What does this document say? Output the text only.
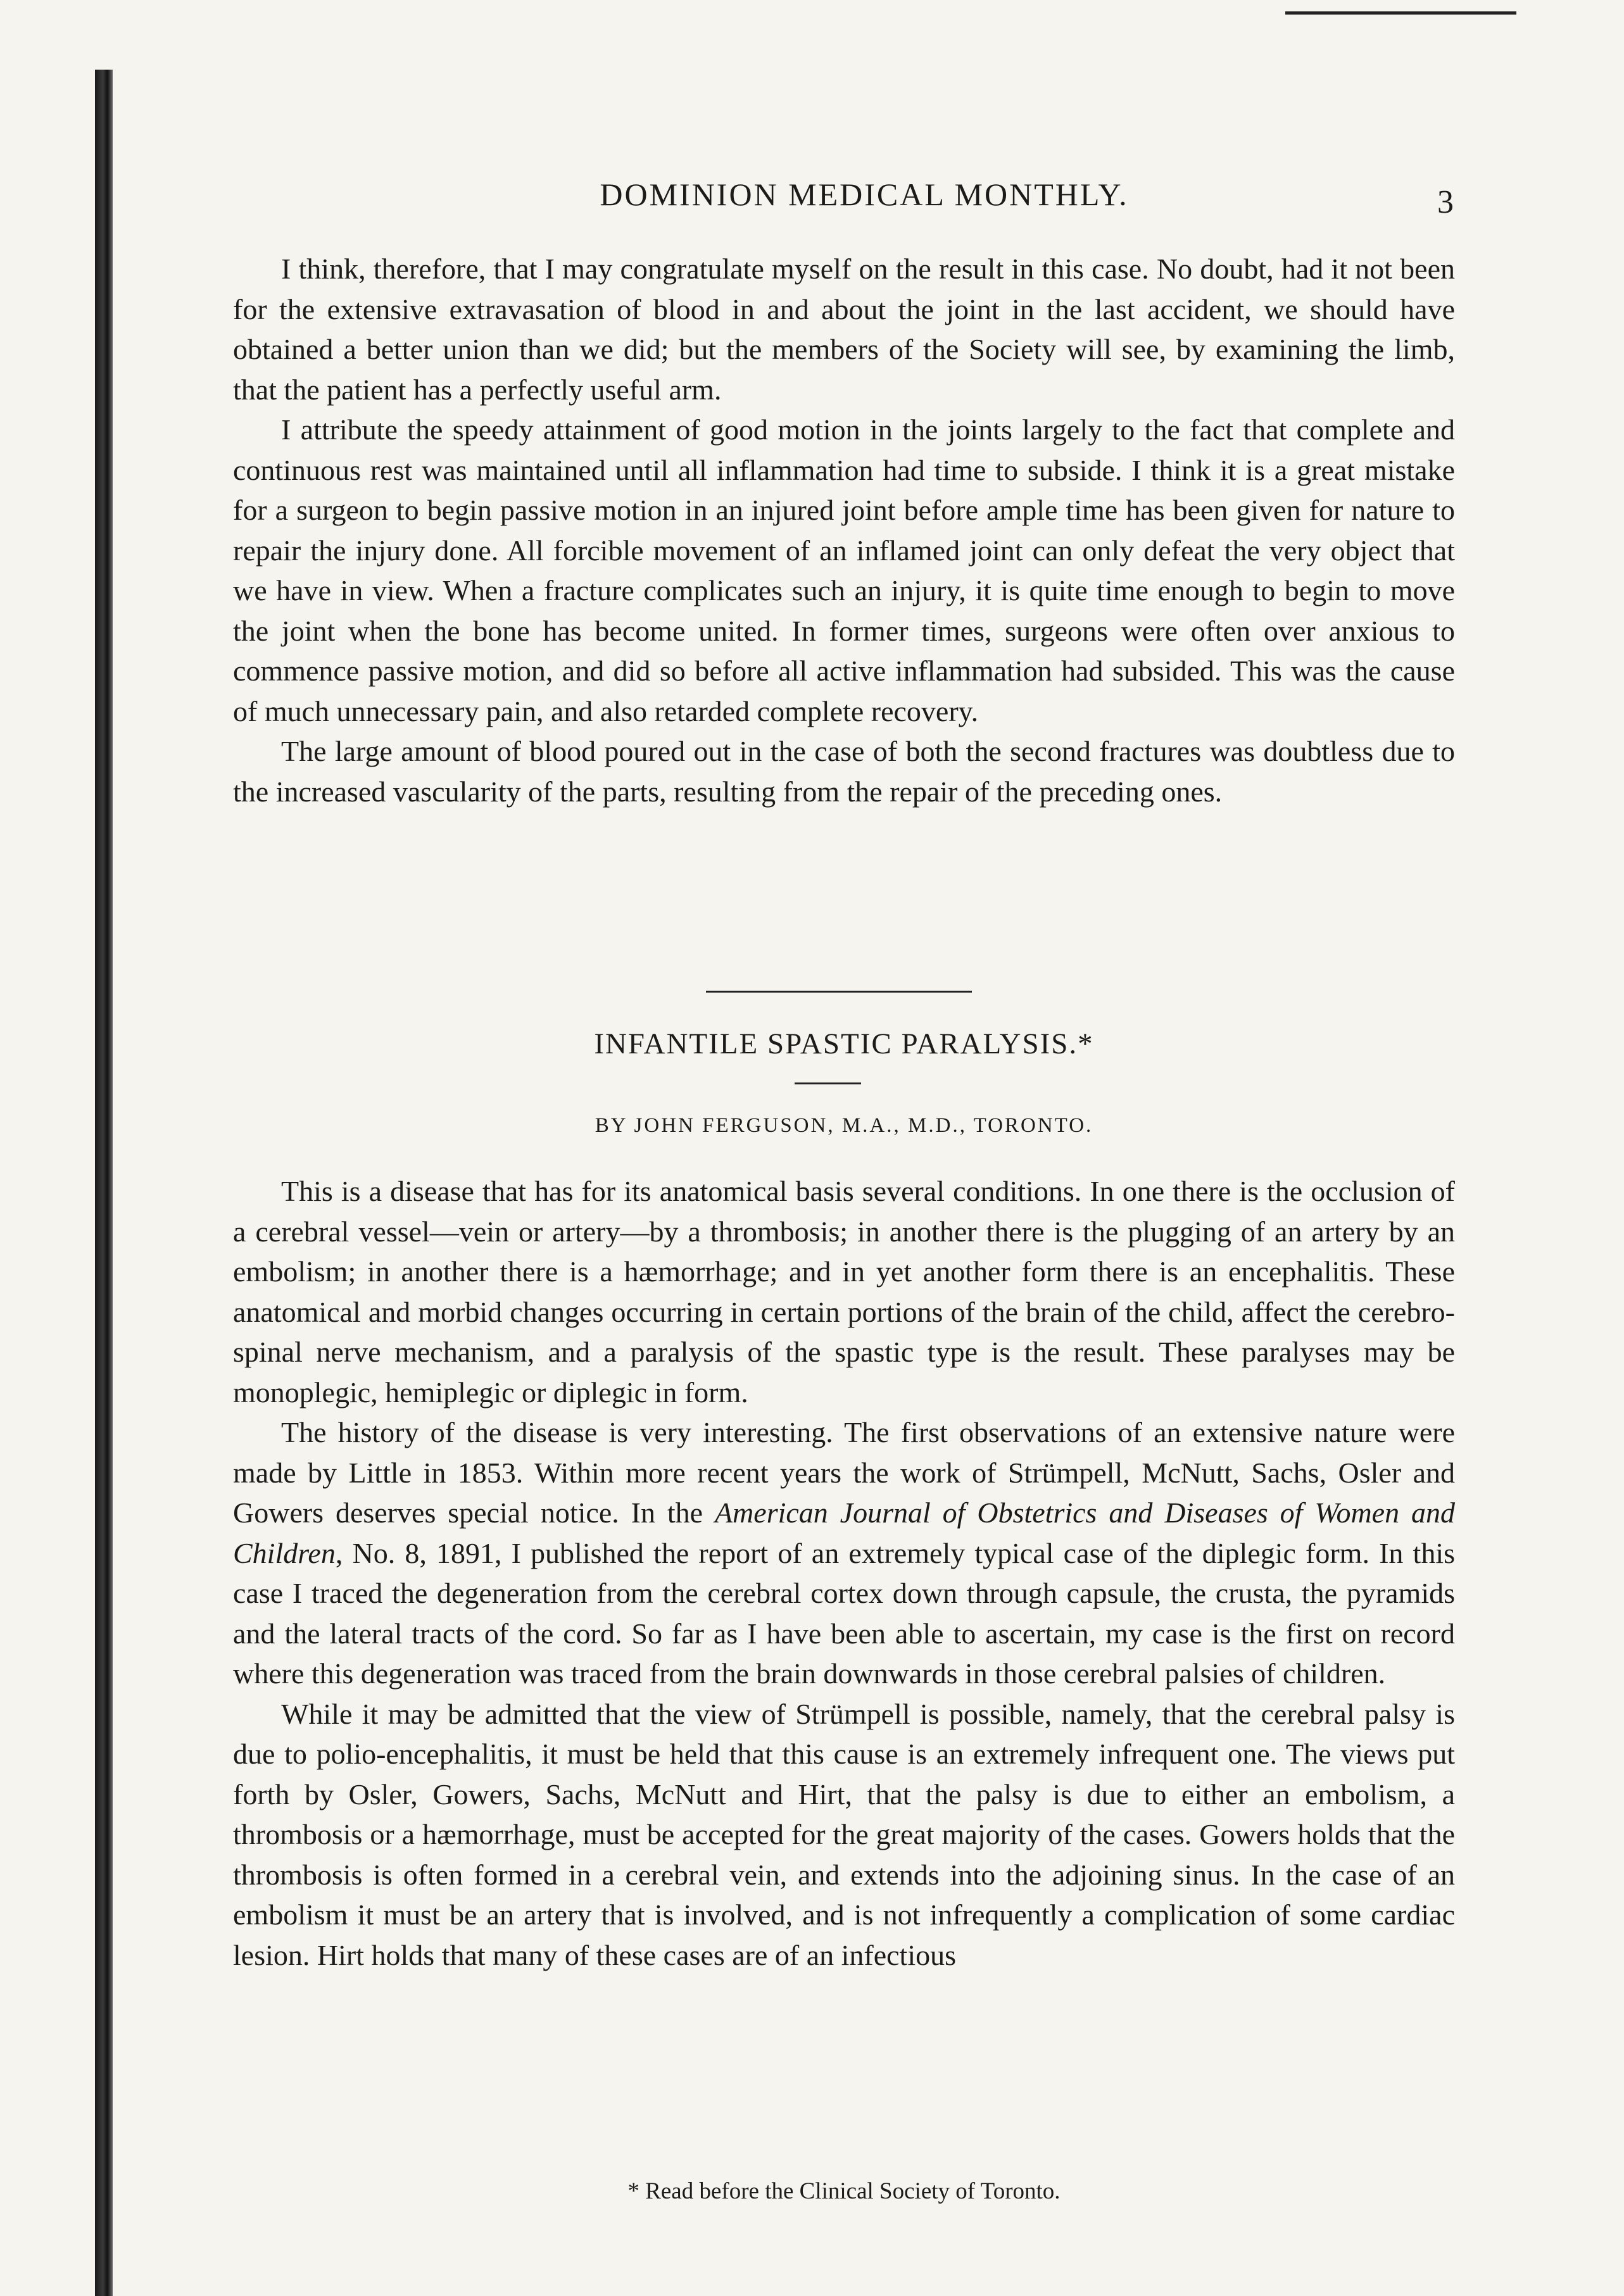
DOMINION MEDICAL MONTHLY.	3

I think, therefore, that I may congratulate myself on the result in this case. No doubt, had it not been for the extensive extravasation of blood in and about the joint in the last accident, we should have obtained a better union than we did; but the members of the Society will see, by examining the limb, that the patient has a perfectly useful arm.

I attribute the speedy attainment of good motion in the joints largely to the fact that complete and continuous rest was maintained until all inflammation had time to subside. I think it is a great mistake for a surgeon to begin passive motion in an injured joint before ample time has been given for nature to repair the injury done. All forcible movement of an inflamed joint can only defeat the very object that we have in view. When a fracture complicates such an injury, it is quite time enough to begin to move the joint when the bone has become united. In former times, surgeons were often over anxious to commence passive motion, and did so before all active inflammation had subsided. This was the cause of much unnecessary pain, and also retarded complete recovery.

The large amount of blood poured out in the case of both the second fractures was doubtless due to the increased vascularity of the parts, resulting from the repair of the preceding ones.

INFANTILE SPASTIC PARALYSIS.*
BY JOHN FERGUSON, M.A., M.D., TORONTO.

This is a disease that has for its anatomical basis several conditions. In one there is the occlusion of a cerebral vessel—vein or artery—by a thrombosis; in another there is the plugging of an artery by an embolism; in another there is a hæmorrhage; and in yet another form there is an encephalitis. These anatomical and morbid changes occurring in certain portions of the brain of the child, affect the cerebro-spinal nerve mechanism, and a paralysis of the spastic type is the result. These paralyses may be monoplegic, hemiplegic or diplegic in form.

The history of the disease is very interesting. The first observations of an extensive nature were made by Little in 1853. Within more recent years the work of Strümpell, McNutt, Sachs, Osler and Gowers deserves special notice. In the American Journal of Obstetrics and Diseases of Women and Children, No. 8, 1891, I published the report of an extremely typical case of the diplegic form. In this case I traced the degeneration from the cerebral cortex down through capsule, the crusta, the pyramids and the lateral tracts of the cord. So far as I have been able to ascertain, my case is the first on record where this degeneration was traced from the brain downwards in those cerebral palsies of children.

While it may be admitted that the view of Strümpell is possible, namely, that the cerebral palsy is due to polio-encephalitis, it must be held that this cause is an extremely infrequent one. The views put forth by Osler, Gowers, Sachs, McNutt and Hirt, that the palsy is due to either an embolism, a thrombosis or a hæmorrhage, must be accepted for the great majority of the cases. Gowers holds that the thrombosis is often formed in a cerebral vein, and extends into the adjoining sinus. In the case of an embolism it must be an artery that is involved, and is not infrequently a complication of some cardiac lesion. Hirt holds that many of these cases are of an infectious

* Read before the Clinical Society of Toronto.
